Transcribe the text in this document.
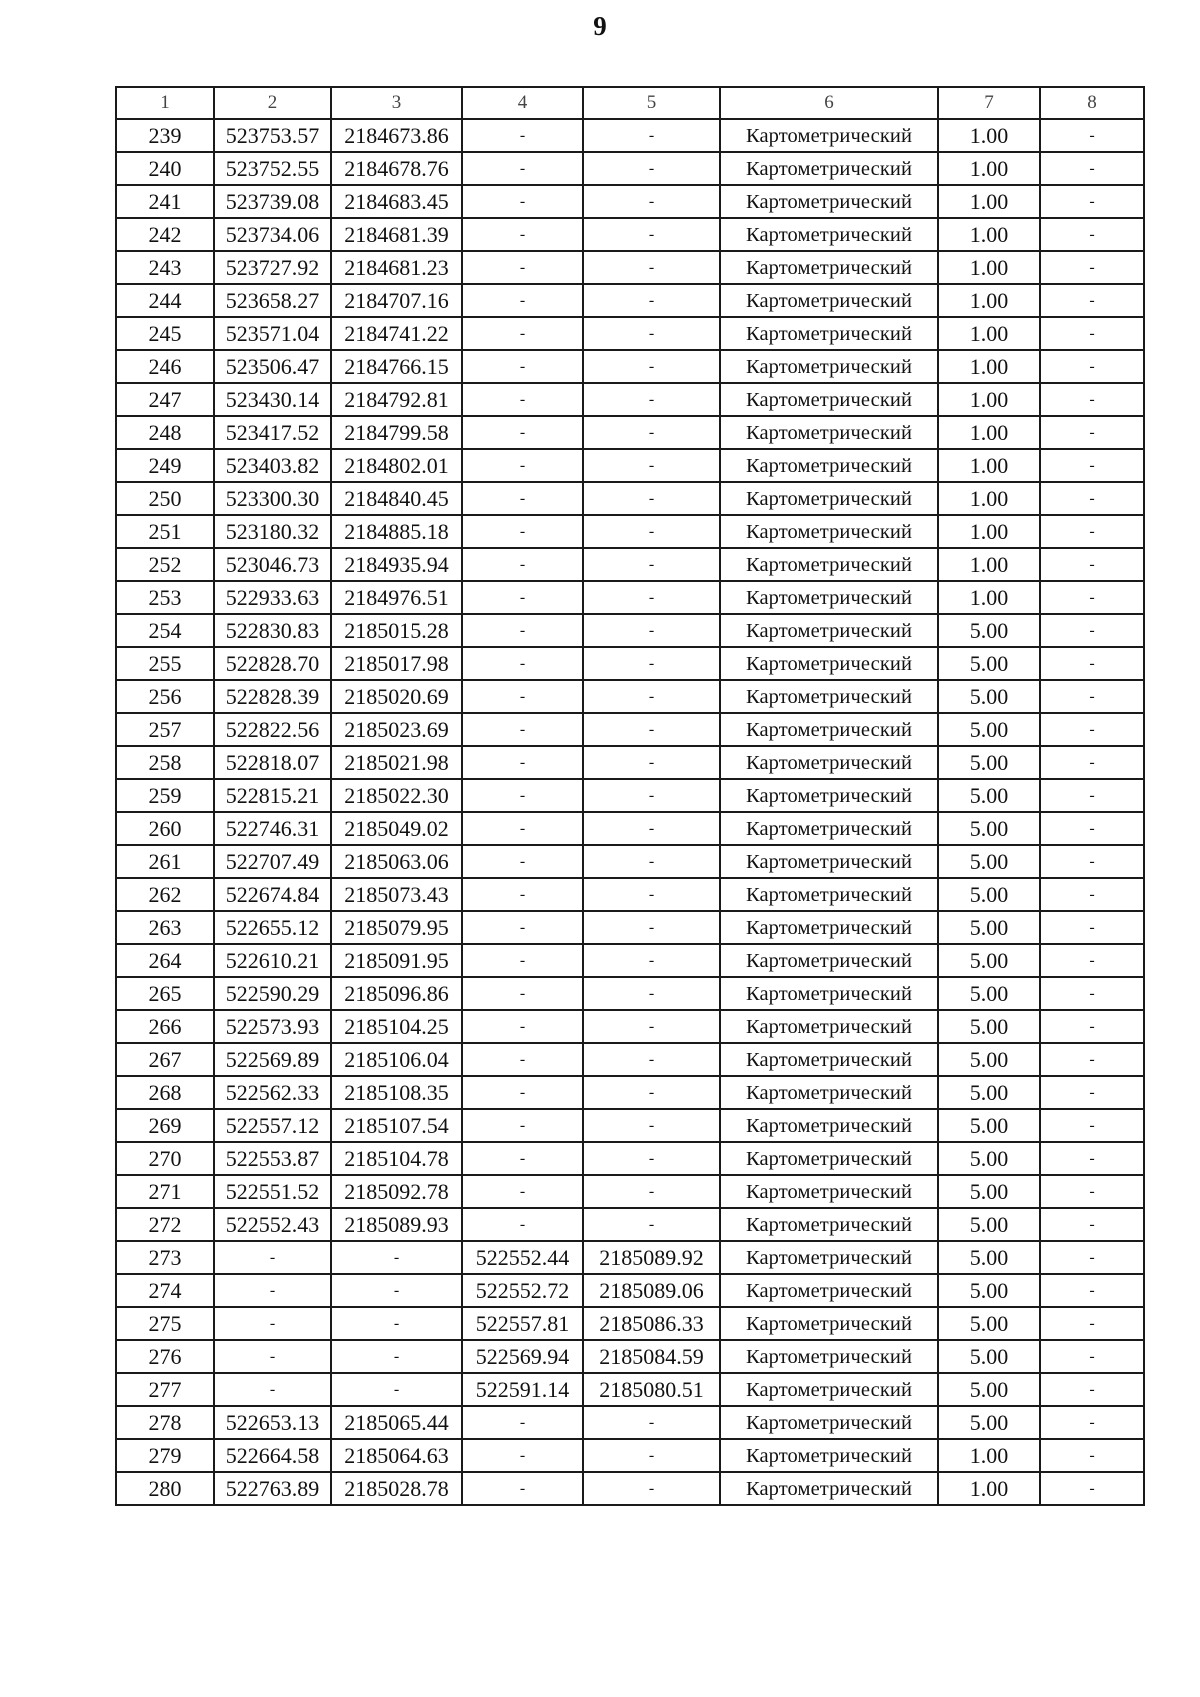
9
1	2	3	4	5	6	7	8
239	523753.57	2184673.86	-	-	Картометрический	1.00	-
240	523752.55	2184678.76	-	-	Картометрический	1.00	-
241	523739.08	2184683.45	-	-	Картометрический	1.00	-
242	523734.06	2184681.39	-	-	Картометрический	1.00	-
243	523727.92	2184681.23	-	-	Картометрический	1.00	-
244	523658.27	2184707.16	-	-	Картометрический	1.00	-
245	523571.04	2184741.22	-	-	Картометрический	1.00	-
246	523506.47	2184766.15	-	-	Картометрический	1.00	-
247	523430.14	2184792.81	-	-	Картометрический	1.00	-
248	523417.52	2184799.58	-	-	Картометрический	1.00	-
249	523403.82	2184802.01	-	-	Картометрический	1.00	-
250	523300.30	2184840.45	-	-	Картометрический	1.00	-
251	523180.32	2184885.18	-	-	Картометрический	1.00	-
252	523046.73	2184935.94	-	-	Картометрический	1.00	-
253	522933.63	2184976.51	-	-	Картометрический	1.00	-
254	522830.83	2185015.28	-	-	Картометрический	5.00	-
255	522828.70	2185017.98	-	-	Картометрический	5.00	-
256	522828.39	2185020.69	-	-	Картометрический	5.00	-
257	522822.56	2185023.69	-	-	Картометрический	5.00	-
258	522818.07	2185021.98	-	-	Картометрический	5.00	-
259	522815.21	2185022.30	-	-	Картометрический	5.00	-
260	522746.31	2185049.02	-	-	Картометрический	5.00	-
261	522707.49	2185063.06	-	-	Картометрический	5.00	-
262	522674.84	2185073.43	-	-	Картометрический	5.00	-
263	522655.12	2185079.95	-	-	Картометрический	5.00	-
264	522610.21	2185091.95	-	-	Картометрический	5.00	-
265	522590.29	2185096.86	-	-	Картометрический	5.00	-
266	522573.93	2185104.25	-	-	Картометрический	5.00	-
267	522569.89	2185106.04	-	-	Картометрический	5.00	-
268	522562.33	2185108.35	-	-	Картометрический	5.00	-
269	522557.12	2185107.54	-	-	Картометрический	5.00	-
270	522553.87	2185104.78	-	-	Картометрический	5.00	-
271	522551.52	2185092.78	-	-	Картометрический	5.00	-
272	522552.43	2185089.93	-	-	Картометрический	5.00	-
273	-	-	522552.44	2185089.92	Картометрический	5.00	-
274	-	-	522552.72	2185089.06	Картометрический	5.00	-
275	-	-	522557.81	2185086.33	Картометрический	5.00	-
276	-	-	522569.94	2185084.59	Картометрический	5.00	-
277	-	-	522591.14	2185080.51	Картометрический	5.00	-
278	522653.13	2185065.44	-	-	Картометрический	5.00	-
279	522664.58	2185064.63	-	-	Картометрический	1.00	-
280	522763.89	2185028.78	-	-	Картометрический	1.00	-
